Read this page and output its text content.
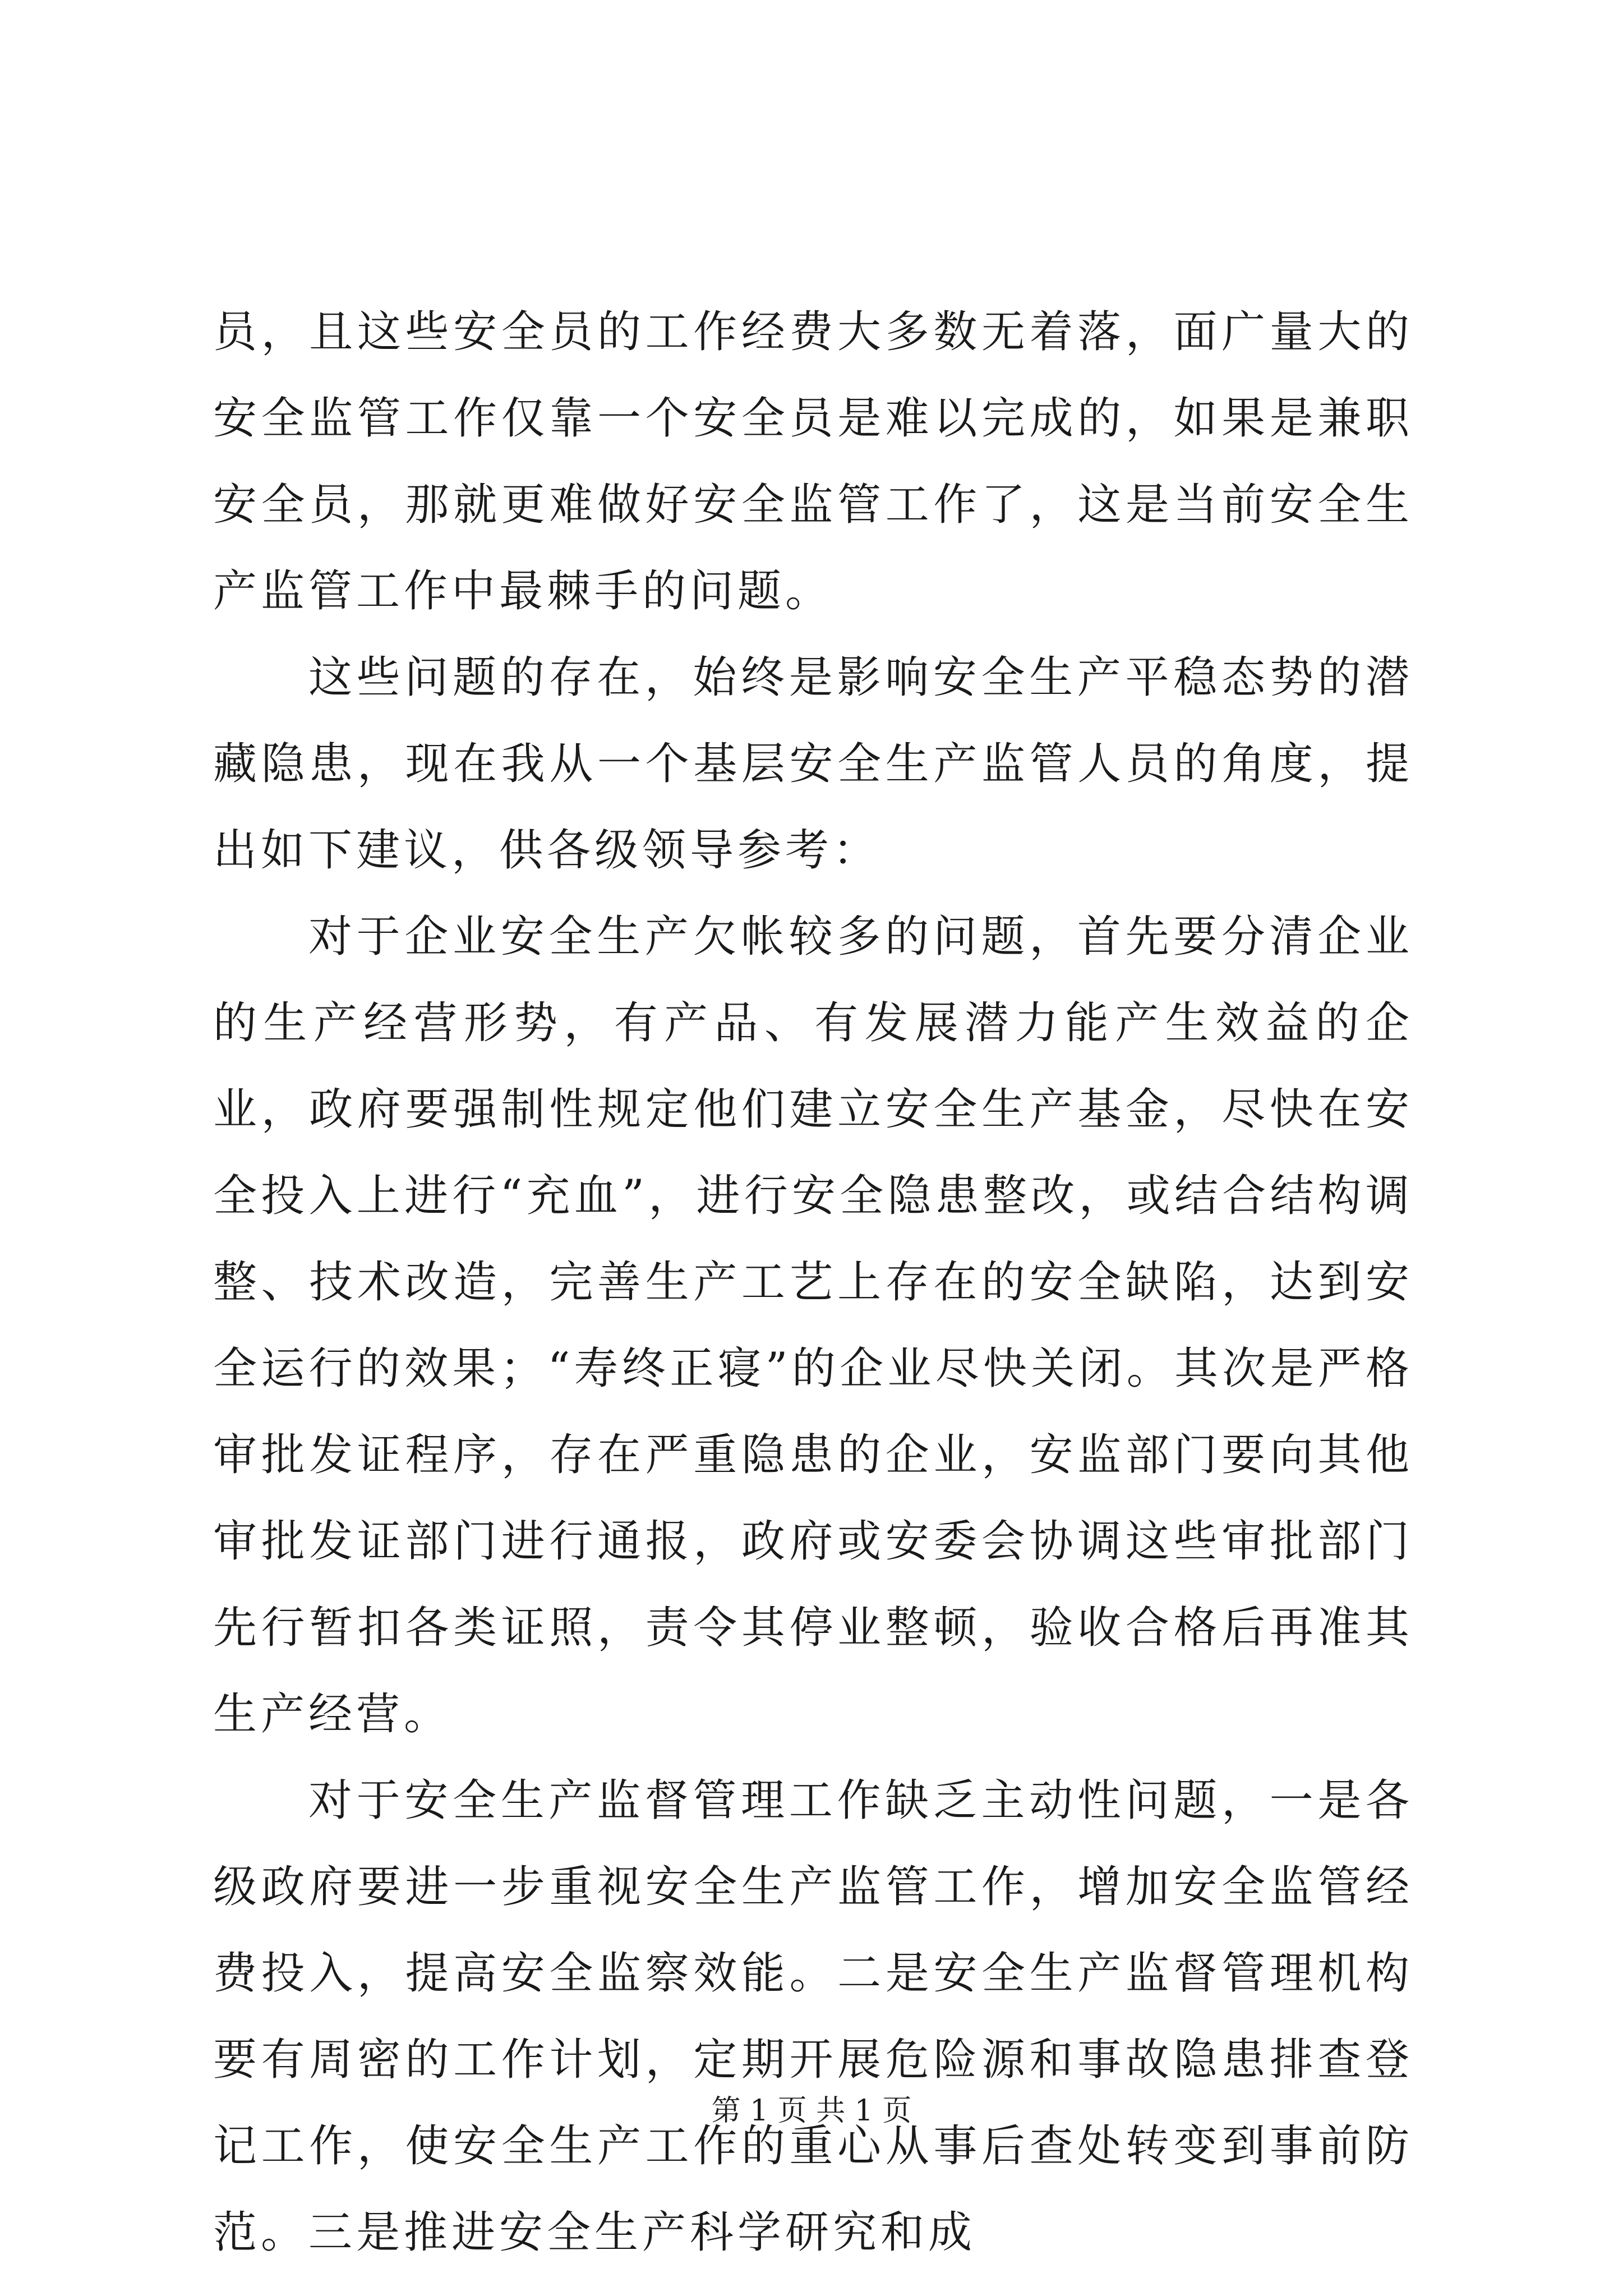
员，且这些安全员的工作经费大多数无着落，面广量大的安全监管工作仅靠一个安全员是难以完成的，如果是兼职安全员，那就更难做好安全监管工作了，这是当前安全生产监管工作中最棘手的问题。

这些问题的存在，始终是影响安全生产平稳态势的潜藏隐患，现在我从一个基层安全生产监管人员的角度，提出如下建议，供各级领导参考：

对于企业安全生产欠帐较多的问题，首先要分清企业的生产经营形势，有产品、有发展潜力能产生效益的企业，政府要强制性规定他们建立安全生产基金，尽快在安全投入上进行“充血”，进行安全隐患整改，或结合结构调整、技术改造，完善生产工艺上存在的安全缺陷，达到安全运行的效果；“寿终正寝”的企业尽快关闭。其次是严格审批发证程序，存在严重隐患的企业，安监部门要向其他审批发证部门进行通报，政府或安委会协调这些审批部门先行暂扣各类证照，责令其停业整顿，验收合格后再准其生产经营。

对于安全生产监督管理工作缺乏主动性问题，一是各级政府要进一步重视安全生产监管工作，增加安全监管经费投入，提高安全监察效能。二是安全生产监督管理机构要有周密的工作计划，定期开展危险源和事故隐患排查登记工作，使安全生产工作的重心从事后查处转变到事前防范。三是推进安全生产科学研究和成

第 1 页 共 1 页
